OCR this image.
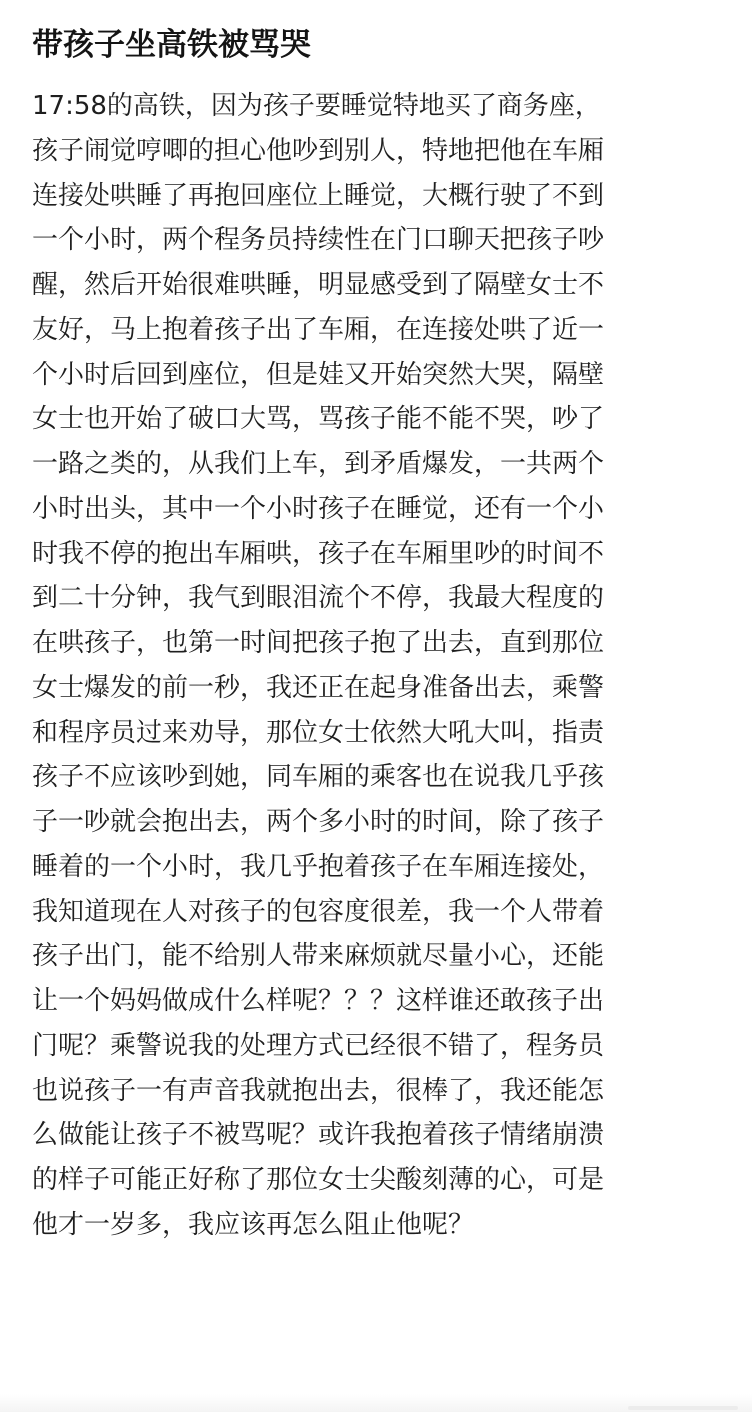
带孩子坐高铁被骂哭
17:58的高铁，因为孩子要睡觉特地买了商务座，
孩子闹觉哼唧的担心他吵到别人，特地把他在车厢
连接处哄睡了再抱回座位上睡觉，大概行驶了不到
一个小时，两个程务员持续性在门口聊天把孩子吵
醒，然后开始很难哄睡，明显感受到了隔壁女士不
友好，马上抱着孩子出了车厢，在连接处哄了近一
个小时后回到座位，但是娃又开始突然大哭，隔壁
女士也开始了破口大骂，骂孩子能不能不哭，吵了
一路之类的，从我们上车，到矛盾爆发，一共两个
小时出头，其中一个小时孩子在睡觉，还有一个小
时我不停的抱出车厢哄，孩子在车厢里吵的时间不
到二十分钟，我气到眼泪流个不停，我最大程度的
在哄孩子，也第一时间把孩子抱了出去，直到那位
女士爆发的前一秒，我还正在起身准备出去，乘警
和程序员过来劝导，那位女士依然大吼大叫，指责
孩子不应该吵到她，同车厢的乘客也在说我几乎孩
子一吵就会抱出去，两个多小时的时间，除了孩子
睡着的一个小时，我几乎抱着孩子在车厢连接处，
我知道现在人对孩子的包容度很差，我一个人带着
孩子出门，能不给别人带来麻烦就尽量小心，还能
让一个妈妈做成什么样呢？？？这样谁还敢孩子出
门呢？乘警说我的处理方式已经很不错了，程务员
也说孩子一有声音我就抱出去，很棒了，我还能怎
么做能让孩子不被骂呢？或许我抱着孩子情绪崩溃
的样子可能正好称了那位女士尖酸刻薄的心，可是
他才一岁多，我应该再怎么阻止他呢？
